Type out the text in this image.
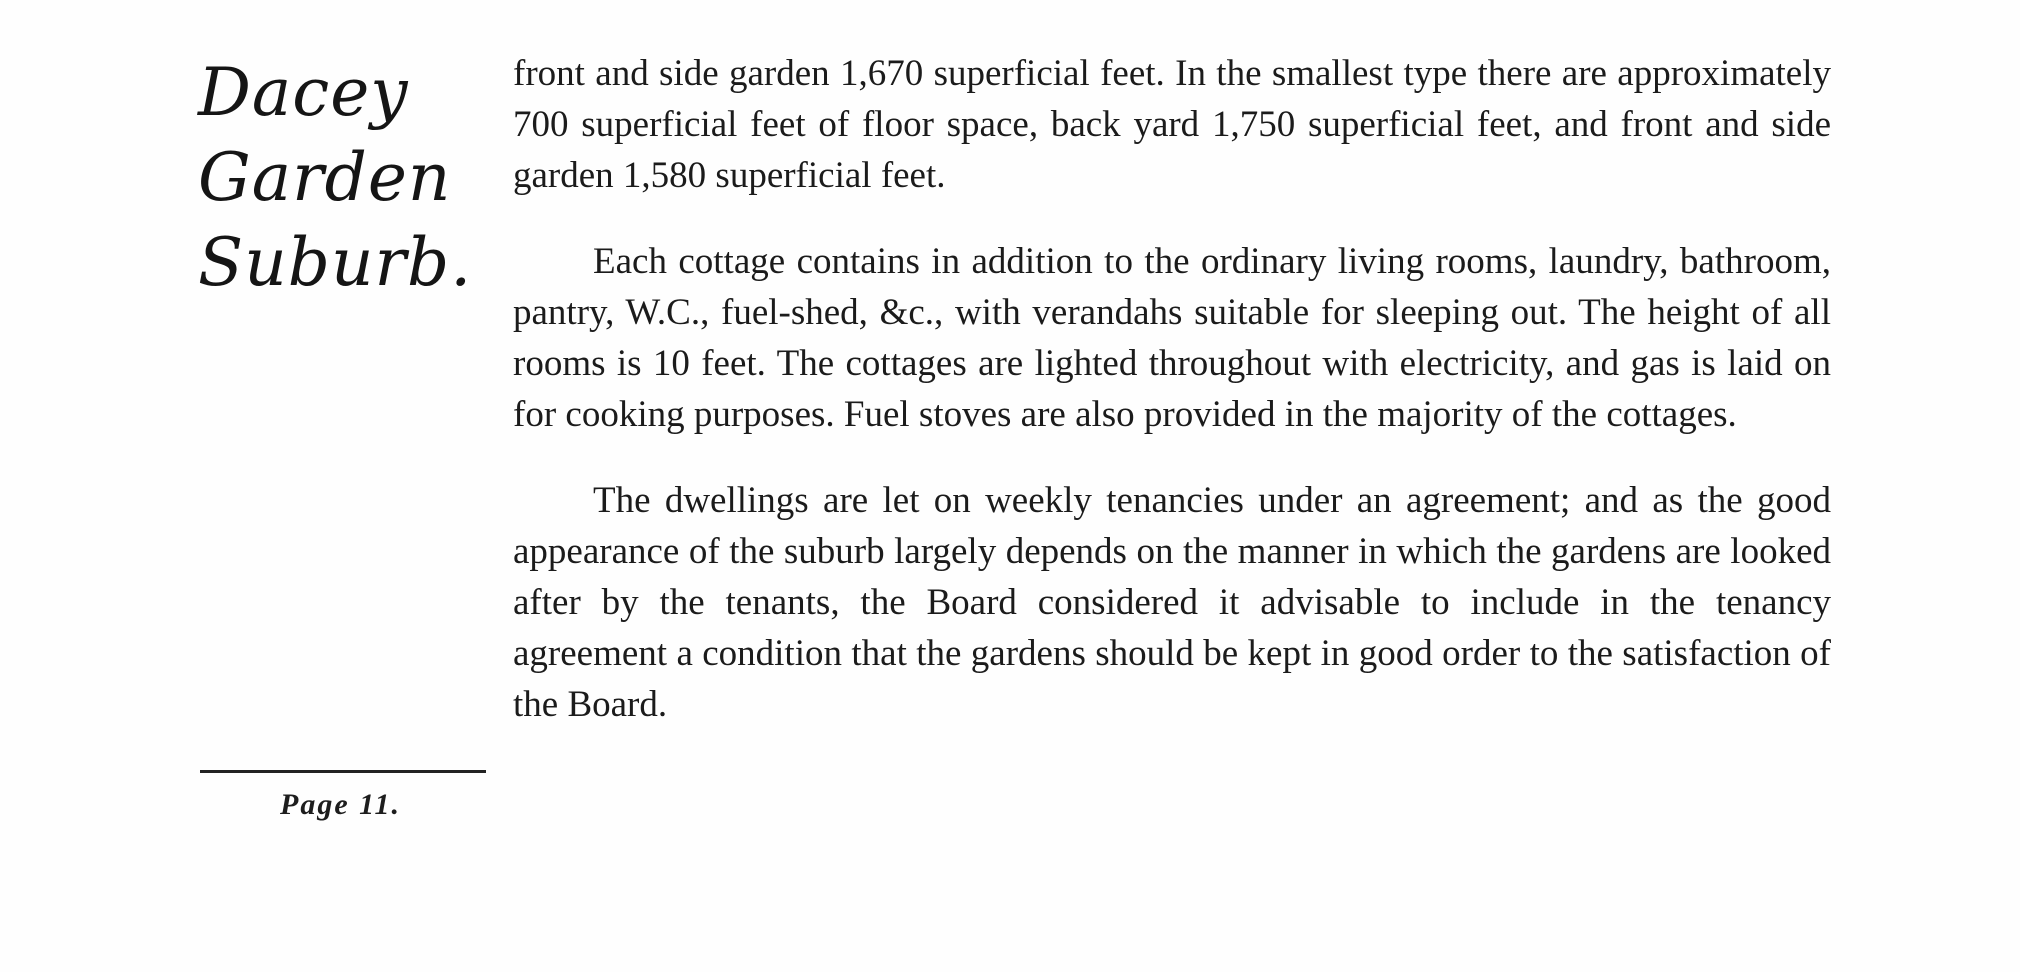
Dacey
Garden
Suburb.
Page 11.

front and side garden 1,670 superficial feet. In the smallest type there are approximately 700 superficial feet of floor space, back yard 1,750 superficial feet, and front and side garden 1,580 superficial feet.

Each cottage contains in addition to the ordinary living rooms, laundry, bathroom, pantry, W.C., fuel-shed, &c., with verandahs suitable for sleeping out. The height of all rooms is 10 feet. The cottages are lighted throughout with electricity, and gas is laid on for cooking purposes. Fuel stoves are also provided in the majority of the cottages.

The dwellings are let on weekly tenancies under an agreement; and as the good appearance of the suburb largely depends on the manner in which the gardens are looked after by the tenants, the Board considered it advisable to include in the tenancy agreement a condition that the gardens should be kept in good order to the satisfaction of the Board.
